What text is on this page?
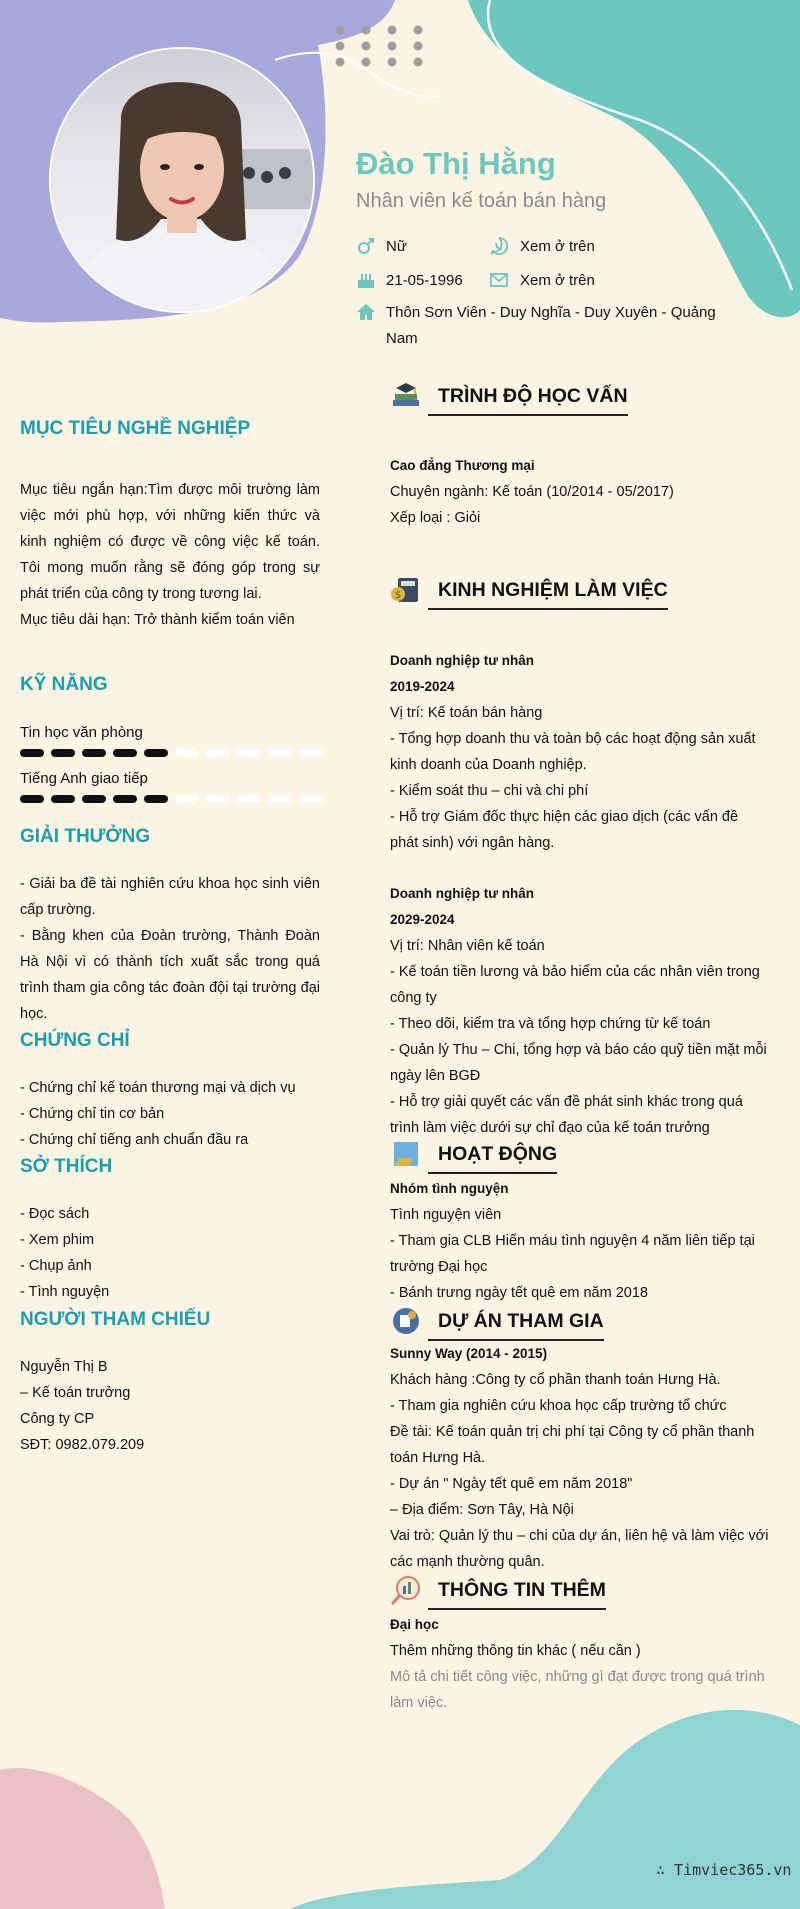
Đào Thị Hằng
Nhân viên kế toán bán hàng
Nữ	Xem ở trên
21-05-1996	Xem ở trên
Thôn Sơn Viên - Duy Nghĩa - Duy Xuyên - Quảng
Nam
MỤC TIÊU NGHỀ NGHIỆP
Mục tiêu ngắn hạn:Tìm được môi trường làm việc mới phù hợp, với những kiến thức và kinh nghiệm có được về công việc kế toán. Tôi mong muốn rằng sẽ đóng góp trong sự phát triển của công ty trong tương lai.
Mục tiêu dài hạn: Trở thành kiểm toán viên
KỸ NĂNG
Tin học văn phòng
Tiếng Anh giao tiếp
GIẢI THƯỞNG
- Giải ba đề tài nghiên cứu khoa học sinh viên cấp trường.
- Bằng khen của Đoàn trường, Thành Đoàn Hà Nội vì có thành tích xuất sắc trong quá trình tham gia công tác đoàn đội tại trường đại học.
CHỨNG CHỈ
- Chứng chỉ kế toán thương mại và dịch vụ
- Chứng chỉ tin cơ bản
- Chứng chỉ tiếng anh chuẩn đầu ra
SỞ THÍCH
- Đọc sách
- Xem phim
- Chụp ảnh
- Tình nguyện
NGƯỜI THAM CHIẾU
Nguyễn Thị B
– Kế toán trưởng
Công ty CP
SĐT: 0982.079.209
TRÌNH ĐỘ HỌC VẤN
Cao đẳng Thương mại
Chuyên ngành: Kế toán (10/2014 - 05/2017)
Xếp loại : Giỏi
$	KINH NGHIỆM LÀM VIỆC
Doanh nghiệp tư nhân
2019-2024
Vị trí: Kế toán bán hàng
- Tổng hợp doanh thu và toàn bộ các hoạt động sản xuất kinh doanh của Doanh nghiệp.
- Kiểm soát thu – chi và chi phí
- Hỗ trợ Giám đốc thực hiện các giao dịch (các vấn đề phát sinh) với ngân hàng.
Doanh nghiệp tư nhân
2029-2024
Vị trí: Nhân viên kế toán
- Kế toán tiền lương và bảo hiểm của các nhân viên trong công ty
- Theo dõi, kiểm tra và tổng hợp chứng từ kế toán
- Quản lý Thu – Chi, tổng hợp và báo cáo quỹ tiền mặt mỗi ngày lên BGĐ
- Hỗ trợ giải quyết các vấn đề phát sinh khác trong quá trình làm việc dưới sự chỉ đạo của kế toán trưởng
HOẠT ĐỘNG
Nhóm tình nguyện
Tình nguyện viên
- Tham gia CLB Hiến máu tình nguyện 4 năm liên tiếp tại trường Đại học
- Bánh trưng ngày tết quê em năm 2018
DỰ ÁN THAM GIA
Sunny Way (2014 - 2015)
Khách hàng :Công ty cổ phần thanh toán Hưng Hà.
- Tham gia nghiên cứu khoa học cấp trường tổ chức
Đề tài: Kế toán quản trị chi phí tại Công ty cổ phần thanh toán Hưng Hà.
- Dự án " Ngày tết quê em năm 2018"
– Địa điểm: Sơn Tây, Hà Nội
Vai trò: Quản lý thu – chi của dự án, liên hệ và làm việc với các mạnh thường quân.
THÔNG TIN THÊM
Đại học
Thêm những thông tin khác ( nếu cần )
Mô tả chi tiết công việc, những gì đạt được trong quá trình làm việc.
∴ Timviec365.vn
